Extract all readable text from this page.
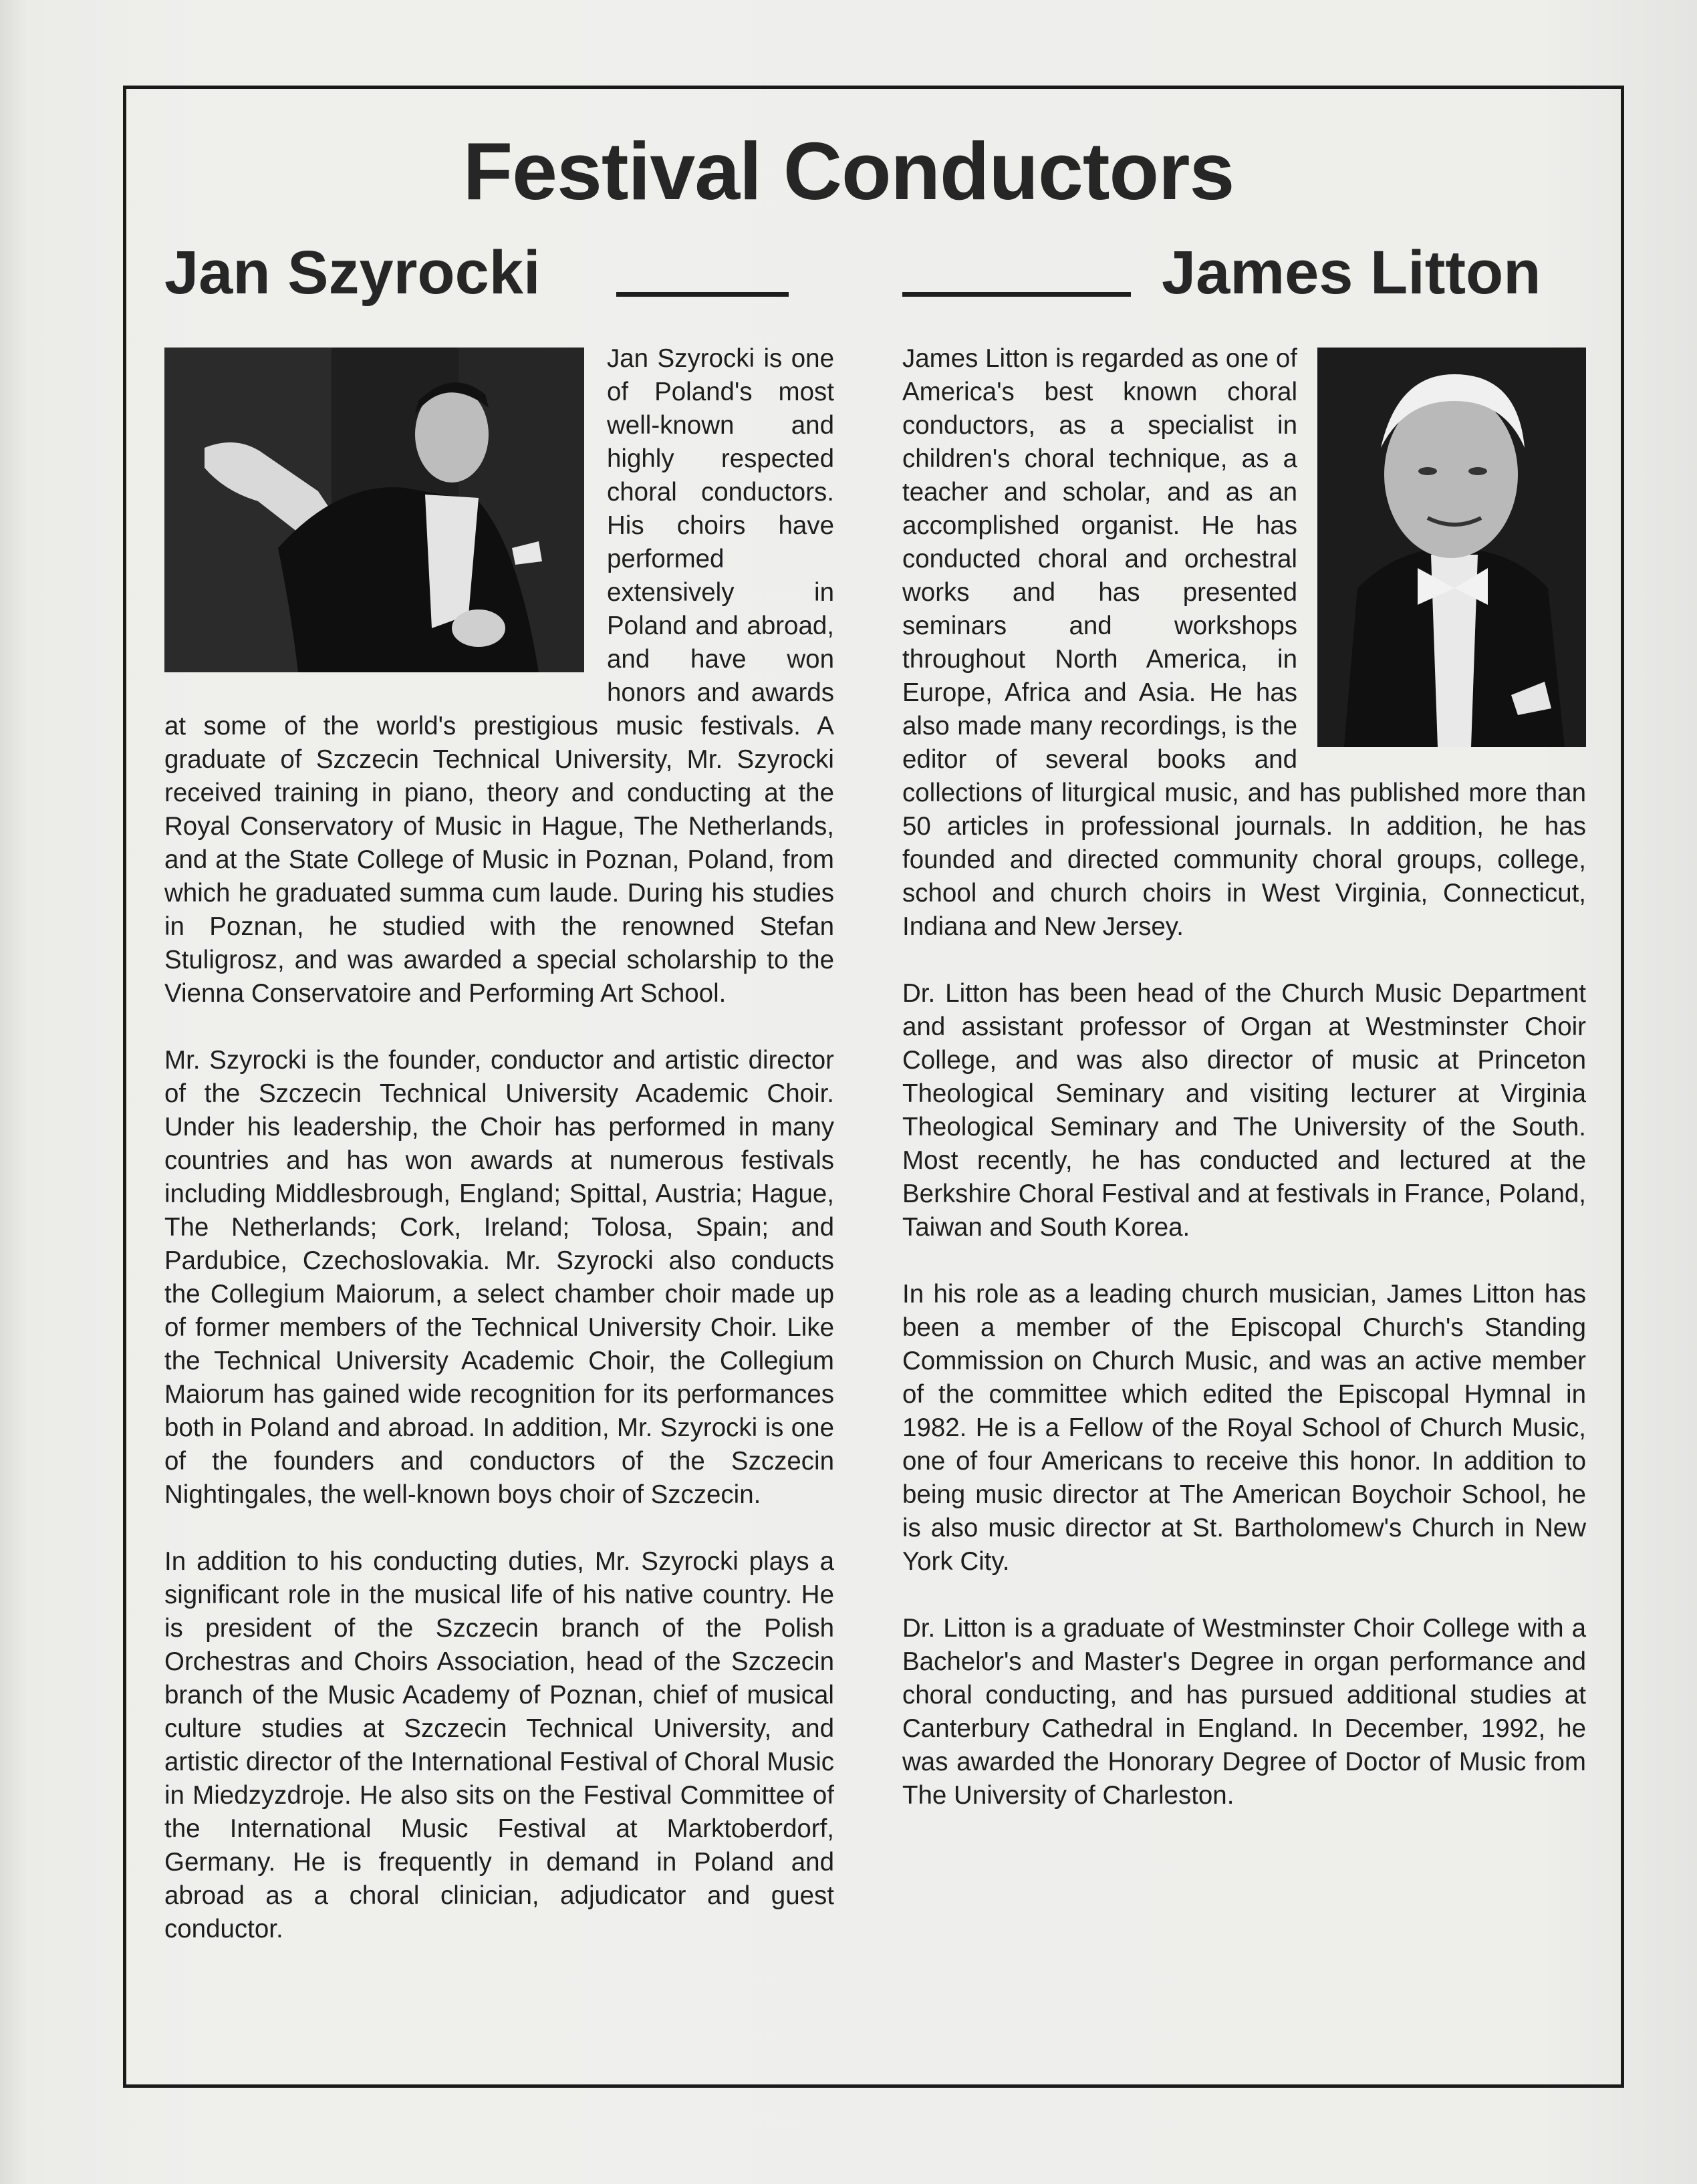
Festival Conductors
Jan Szyrocki	James Litton

Jan Szyrocki is one of Poland's most well-known and highly respected choral conductors. His choirs have performed extensively in Poland and abroad, and have won honors and awards at some of the world's prestigious music festivals. A graduate of Szczecin Technical University, Mr. Szyrocki received training in piano, theory and conducting at the Royal Conservatory of Music in Hague, The Netherlands, and at the State College of Music in Poznan, Poland, from which he graduated summa cum laude. During his studies in Poznan, he studied with the renowned Stefan Stuligrosz, and was awarded a special scholarship to the Vienna Conservatoire and Performing Art School.

Mr. Szyrocki is the founder, conductor and artistic director of the Szczecin Technical University Academic Choir. Under his leadership, the Choir has performed in many countries and has won awards at numerous festivals including Middlesbrough, England; Spittal, Austria; Hague, The Netherlands; Cork, Ireland; Tolosa, Spain; and Pardubice, Czechoslovakia. Mr. Szyrocki also conducts the Collegium Maiorum, a select chamber choir made up of former members of the Technical University Choir. Like the Technical University Academic Choir, the Collegium Maiorum has gained wide recognition for its performances both in Poland and abroad. In addition, Mr. Szyrocki is one of the founders and conductors of the Szczecin Nightingales, the well-known boys choir of Szczecin.

In addition to his conducting duties, Mr. Szyrocki plays a significant role in the musical life of his native country. He is president of the Szczecin branch of the Polish Orchestras and Choirs Association, head of the Szczecin branch of the Music Academy of Poznan, chief of musical culture studies at Szczecin Technical University, and artistic director of the International Festival of Choral Music in Miedzyzdroje. He also sits on the Festival Committee of the International Music Festival at Marktoberdorf, Germany. He is frequently in demand in Poland and abroad as a choral clinician, adjudicator and guest conductor.

James Litton is regarded as one of America's best known choral conductors, as a specialist in children's choral technique, as a teacher and scholar, and as an accomplished organist. He has conducted choral and orchestral works and has presented seminars and workshops throughout North America, in Europe, Africa and Asia. He has also made many recordings, is the editor of several books and collections of liturgical music, and has published more than 50 articles in professional journals. In addition, he has founded and directed community choral groups, college, school and church choirs in West Virginia, Connecticut, Indiana and New Jersey.

Dr. Litton has been head of the Church Music Department and assistant professor of Organ at Westminster Choir College, and was also director of music at Princeton Theological Seminary and visiting lecturer at Virginia Theological Seminary and The University of the South. Most recently, he has conducted and lectured at the Berkshire Choral Festival and at festivals in France, Poland, Taiwan and South Korea.

In his role as a leading church musician, James Litton has been a member of the Episcopal Church's Standing Commission on Church Music, and was an active member of the committee which edited the Episcopal Hymnal in 1982. He is a Fellow of the Royal School of Church Music, one of four Americans to receive this honor. In addition to being music director at The American Boychoir School, he is also music director at St. Bartholomew's Church in New York City.

Dr. Litton is a graduate of Westminster Choir College with a Bachelor's and Master's Degree in organ performance and choral conducting, and has pursued additional studies at Canterbury Cathedral in England. In December, 1992, he was awarded the Honorary Degree of Doctor of Music from The University of Charleston.
